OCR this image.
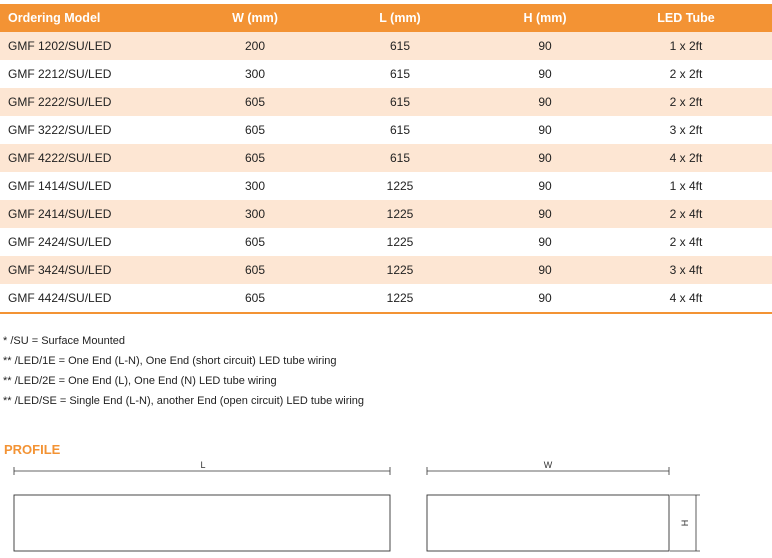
Ordering Model	W (mm)	L (mm)	H (mm)	LED Tube
GMF 1202/SU/LED	200	615	90	1 x 2ft
GMF 2212/SU/LED	300	615	90	2 x 2ft
GMF 2222/SU/LED	605	615	90	2 x 2ft
GMF 3222/SU/LED	605	615	90	3 x 2ft
GMF 4222/SU/LED	605	615	90	4 x 2ft
GMF 1414/SU/LED	300	1225	90	1 x 4ft
GMF 2414/SU/LED	300	1225	90	2 x 4ft
GMF 2424/SU/LED	605	1225	90	2 x 4ft
GMF 3424/SU/LED	605	1225	90	3 x 4ft
GMF 4424/SU/LED	605	1225	90	4 x 4ft
* /SU = Surface Mounted
** /LED/1E = One End (L-N), One End (short circuit) LED tube wiring
** /LED/2E = One End (L), One End (N) LED tube wiring
** /LED/SE = Single End (L-N), another End (open circuit) LED tube wiring
PROFILE
L	W
H
